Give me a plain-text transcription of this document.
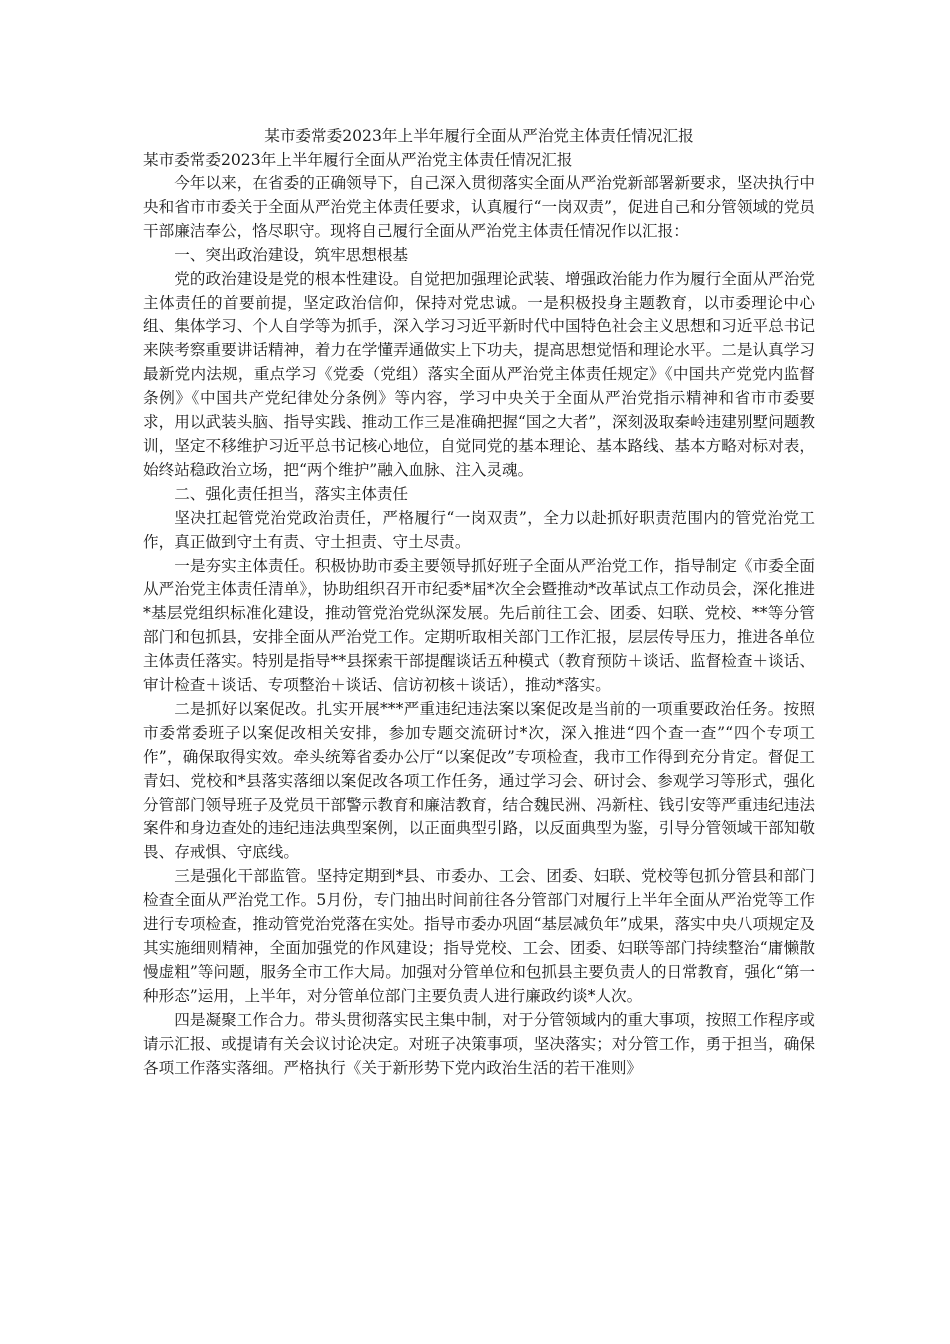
某市委常委2023年上半年履行全面从严治党主体责任情况汇报

某市委常委2023年上半年履行全面从严治党主体责任情况汇报

今年以来，在省委的正确领导下，自己深入贯彻落实全面从严治党新部署新要求，坚决执行中央和省市市委关于全面从严治党主体责任要求，认真履行“一岗双责”，促进自己和分管领域的党员干部廉洁奉公，恪尽职守。现将自己履行全面从严治党主体责任情况作以汇报：

一、突出政治建设，筑牢思想根基

党的政治建设是党的根本性建设。自觉把加强理论武装、增强政治能力作为履行全面从严治党主体责任的首要前提，坚定政治信仰，保持对党忠诚。一是积极投身主题教育，以市委理论中心组、集体学习、个人自学等为抓手，深入学习习近平新时代中国特色社会主义思想和习近平总书记来陕考察重要讲话精神，着力在学懂弄通做实上下功夫，提高思想觉悟和理论水平。二是认真学习最新党内法规，重点学习《党委（党组）落实全面从严治党主体责任规定》《中国共产党党内监督条例》《中国共产党纪律处分条例》等内容，学习中央关于全面从严治党指示精神和省市市委要求，用以武装头脑、指导实践、推动工作三是准确把握“国之大者”，深刻汲取秦岭违建别墅问题教训，坚定不移维护习近平总书记核心地位，自觉同党的基本理论、基本路线、基本方略对标对表，始终站稳政治立场，把“两个维护”融入血脉、注入灵魂。

二、强化责任担当，落实主体责任

坚决扛起管党治党政治责任，严格履行“一岗双责”，全力以赴抓好职责范围内的管党治党工作，真正做到守土有责、守土担责、守土尽责。

一是夯实主体责任。积极协助市委主要领导抓好班子全面从严治党工作，指导制定《市委全面从严治党主体责任清单》，协助组织召开市纪委*届*次全会暨推动*改革试点工作动员会，深化推进*基层党组织标准化建设，推动管党治党纵深发展。先后前往工会、团委、妇联、党校、**等分管部门和包抓县，安排全面从严治党工作。定期听取相关部门工作汇报，层层传导压力，推进各单位主体责任落实。特别是指导**县探索干部提醒谈话五种模式（教育预防＋谈话、监督检查＋谈话、审计检查＋谈话、专项整治＋谈话、信访初核＋谈话），推动*落实。

二是抓好以案促改。扎实开展***严重违纪违法案以案促改是当前的一项重要政治任务。按照市委常委班子以案促改相关安排，参加专题交流研讨*次，深入推进“四个查一查”“四个专项工作”，确保取得实效。牵头统筹省委办公厅“以案促改”专项检查，我市工作得到充分肯定。督促工青妇、党校和*县落实落细以案促改各项工作任务，通过学习会、研讨会、参观学习等形式，强化分管部门领导班子及党员干部警示教育和廉洁教育，结合魏民洲、冯新柱、钱引安等严重违纪违法案件和身边查处的违纪违法典型案例，以正面典型引路，以反面典型为鉴，引导分管领域干部知敬畏、存戒惧、守底线。

三是强化干部监管。坚持定期到*县、市委办、工会、团委、妇联、党校等包抓分管县和部门检查全面从严治党工作。5月份，专门抽出时间前往各分管部门对履行上半年全面从严治党等工作进行专项检查，推动管党治党落在实处。指导市委办巩固“基层减负年”成果，落实中央八项规定及其实施细则精神，全面加强党的作风建设；指导党校、工会、团委、妇联等部门持续整治“庸懒散慢虚粗”等问题，服务全市工作大局。加强对分管单位和包抓县主要负责人的日常教育，强化“第一种形态”运用，上半年，对分管单位部门主要负责人进行廉政约谈*人次。

四是凝聚工作合力。带头贯彻落实民主集中制，对于分管领域内的重大事项，按照工作程序或请示汇报、或提请有关会议讨论决定。对班子决策事项，坚决落实；对分管工作，勇于担当，确保各项工作落实落细。严格执行《关于新形势下党内政治生活的若干准则》
